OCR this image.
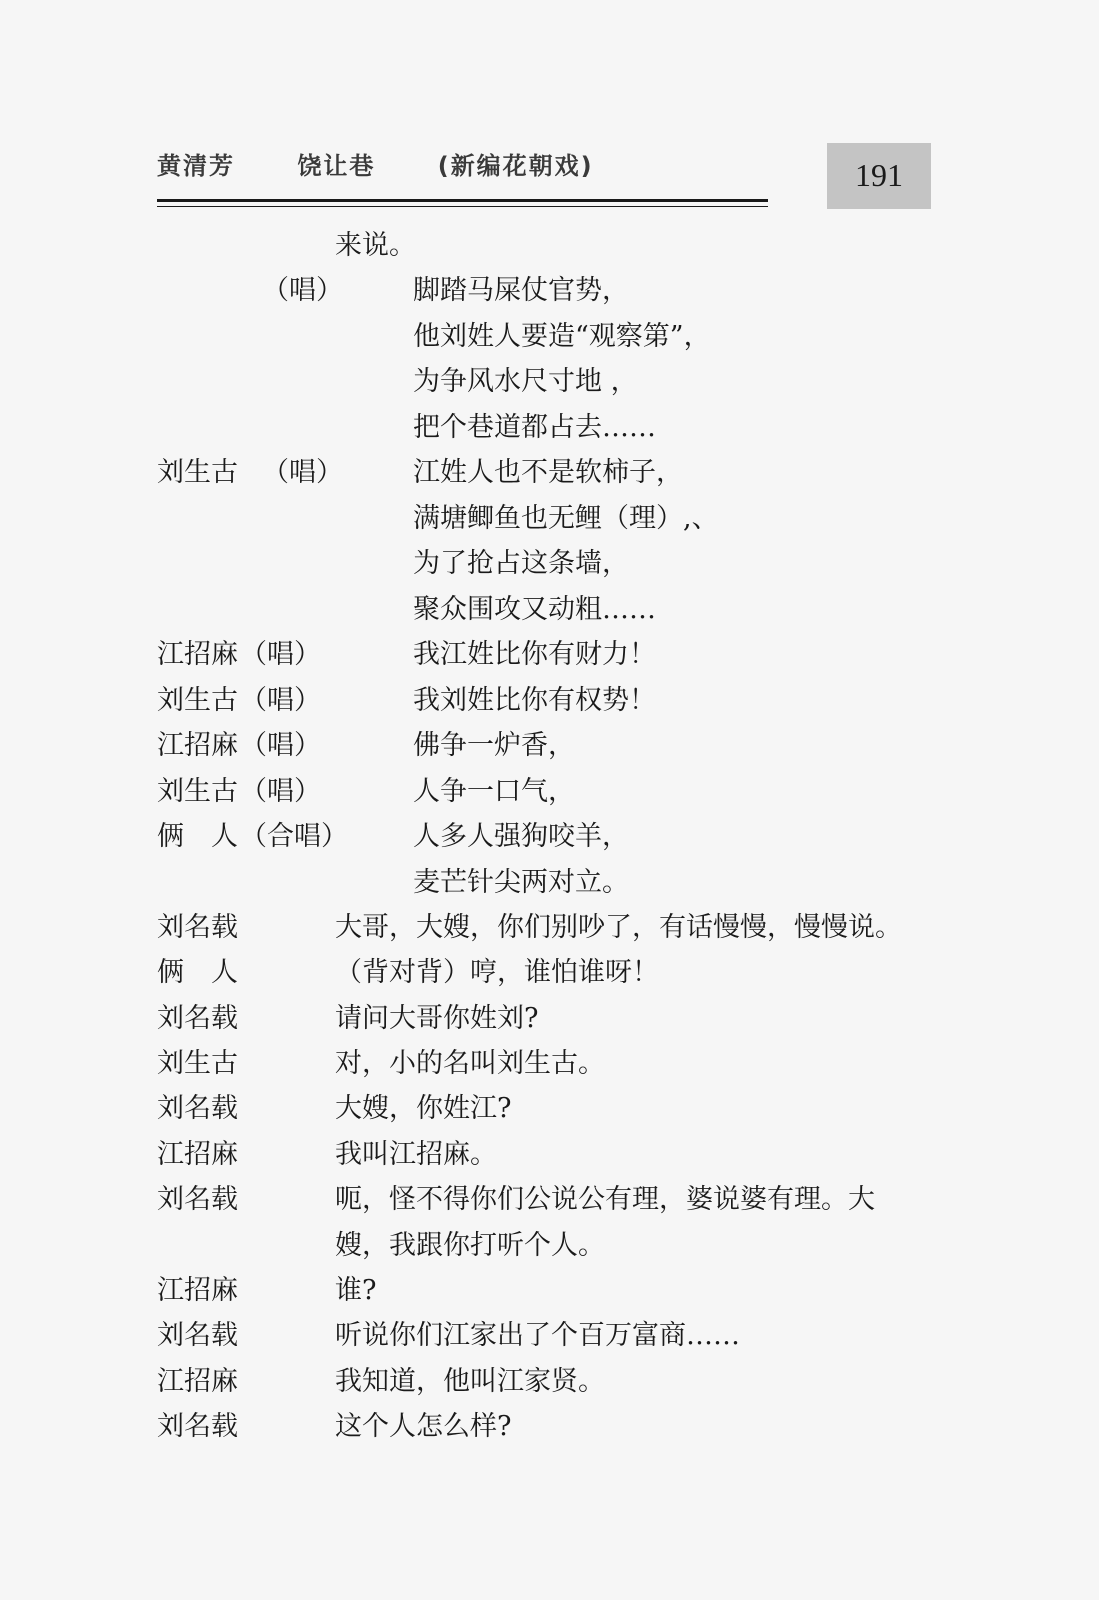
黄清芳	饶让巷	(新编花朝戏)	191
来说。
（唱）	脚踏马屎仗官势，
他刘姓人要造“观察第”，
为争风水尺寸地 ，
把个巷道都占去……
刘生古 （唱）	江姓人也不是软柿子，
满塘鲫鱼也无鲤（理）,、
为了抢占这条墙，
聚众围攻又动粗……
江招麻 （唱）	我江姓比你有财力！
刘生古 （唱）	我刘姓比你有权势！
江招麻 （唱）	佛争一炉香，
刘生古 （唱）	人争一口气，
俩　人 （合唱） 人多人强狗咬羊，
麦芒针尖两对立。
刘名载	大哥，大嫂，你们别吵了，有话慢慢，慢慢说。
俩　人	（背对背）哼，谁怕谁呀！
刘名载	请问大哥你姓刘?
刘生古	对，小的名叫刘生古。
刘名载	大嫂，你姓江?
江招麻	我叫江招麻。
刘名载	呃，怪不得你们公说公有理，婆说婆有理。大
嫂，我跟你打听个人。
江招麻	谁?
刘名载	听说你们江家出了个百万富商……
江招麻	我知道，他叫江家贤。
刘名载	这个人怎么样?
